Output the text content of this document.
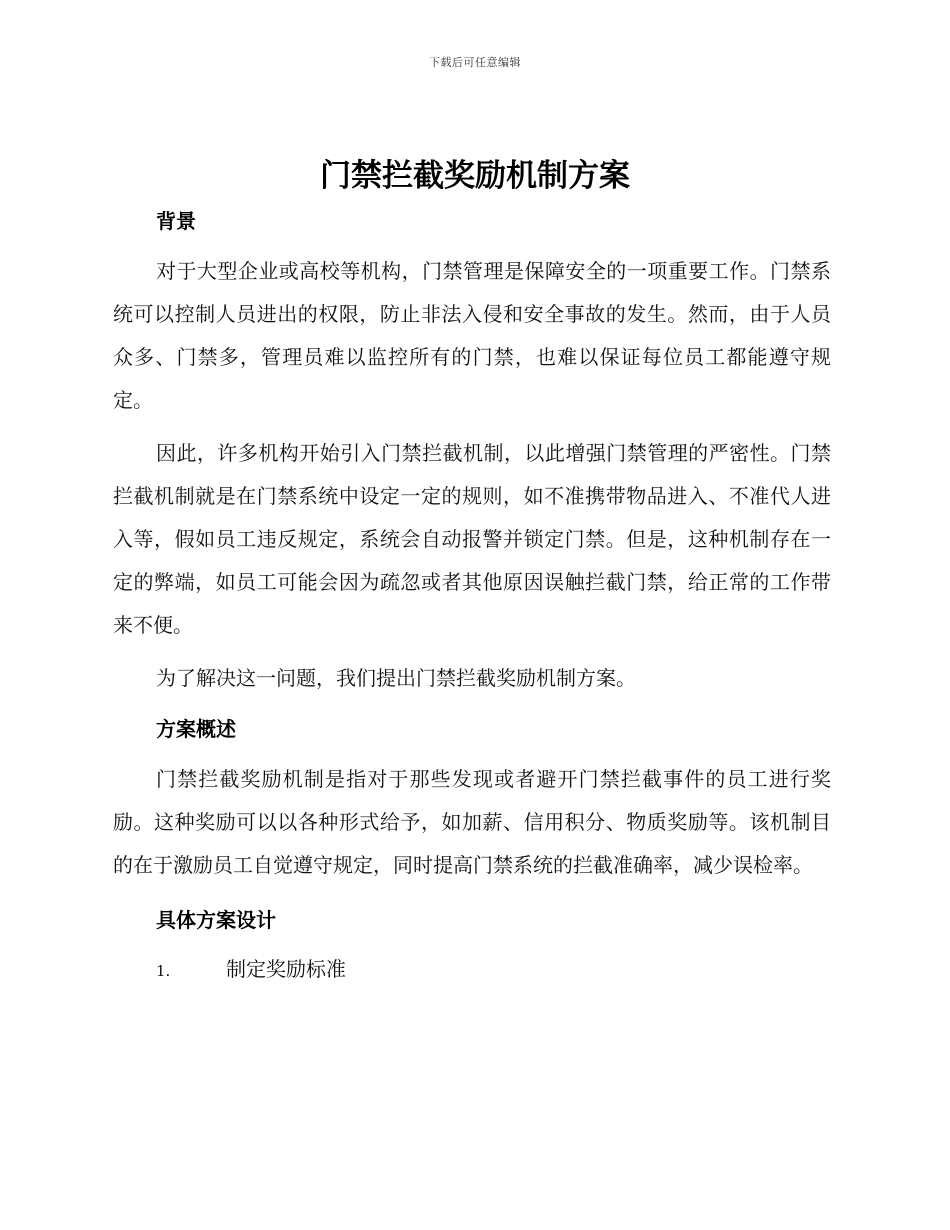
下载后可任意编辑
门禁拦截奖励机制方案
背景

对于大型企业或高校等机构，门禁管理是保障安全的一项重要工作。门禁系统可以控制人员进出的权限，防止非法入侵和安全事故的发生。然而，由于人员众多、门禁多，管理员难以监控所有的门禁，也难以保证每位员工都能遵守规定。

因此，许多机构开始引入门禁拦截机制，以此增强门禁管理的严密性。门禁拦截机制就是在门禁系统中设定一定的规则，如不准携带物品进入、不准代人进入等，假如员工违反规定，系统会自动报警并锁定门禁。但是，这种机制存在一定的弊端，如员工可能会因为疏忽或者其他原因误触拦截门禁，给正常的工作带来不便。

为了解决这一问题，我们提出门禁拦截奖励机制方案。

方案概述

门禁拦截奖励机制是指对于那些发现或者避开门禁拦截事件的员工进行奖励。这种奖励可以以各种形式给予，如加薪、信用积分、物质奖励等。该机制目的在于激励员工自觉遵守规定，同时提高门禁系统的拦截准确率，减少误检率。

具体方案设计
1.	制定奖励标准
